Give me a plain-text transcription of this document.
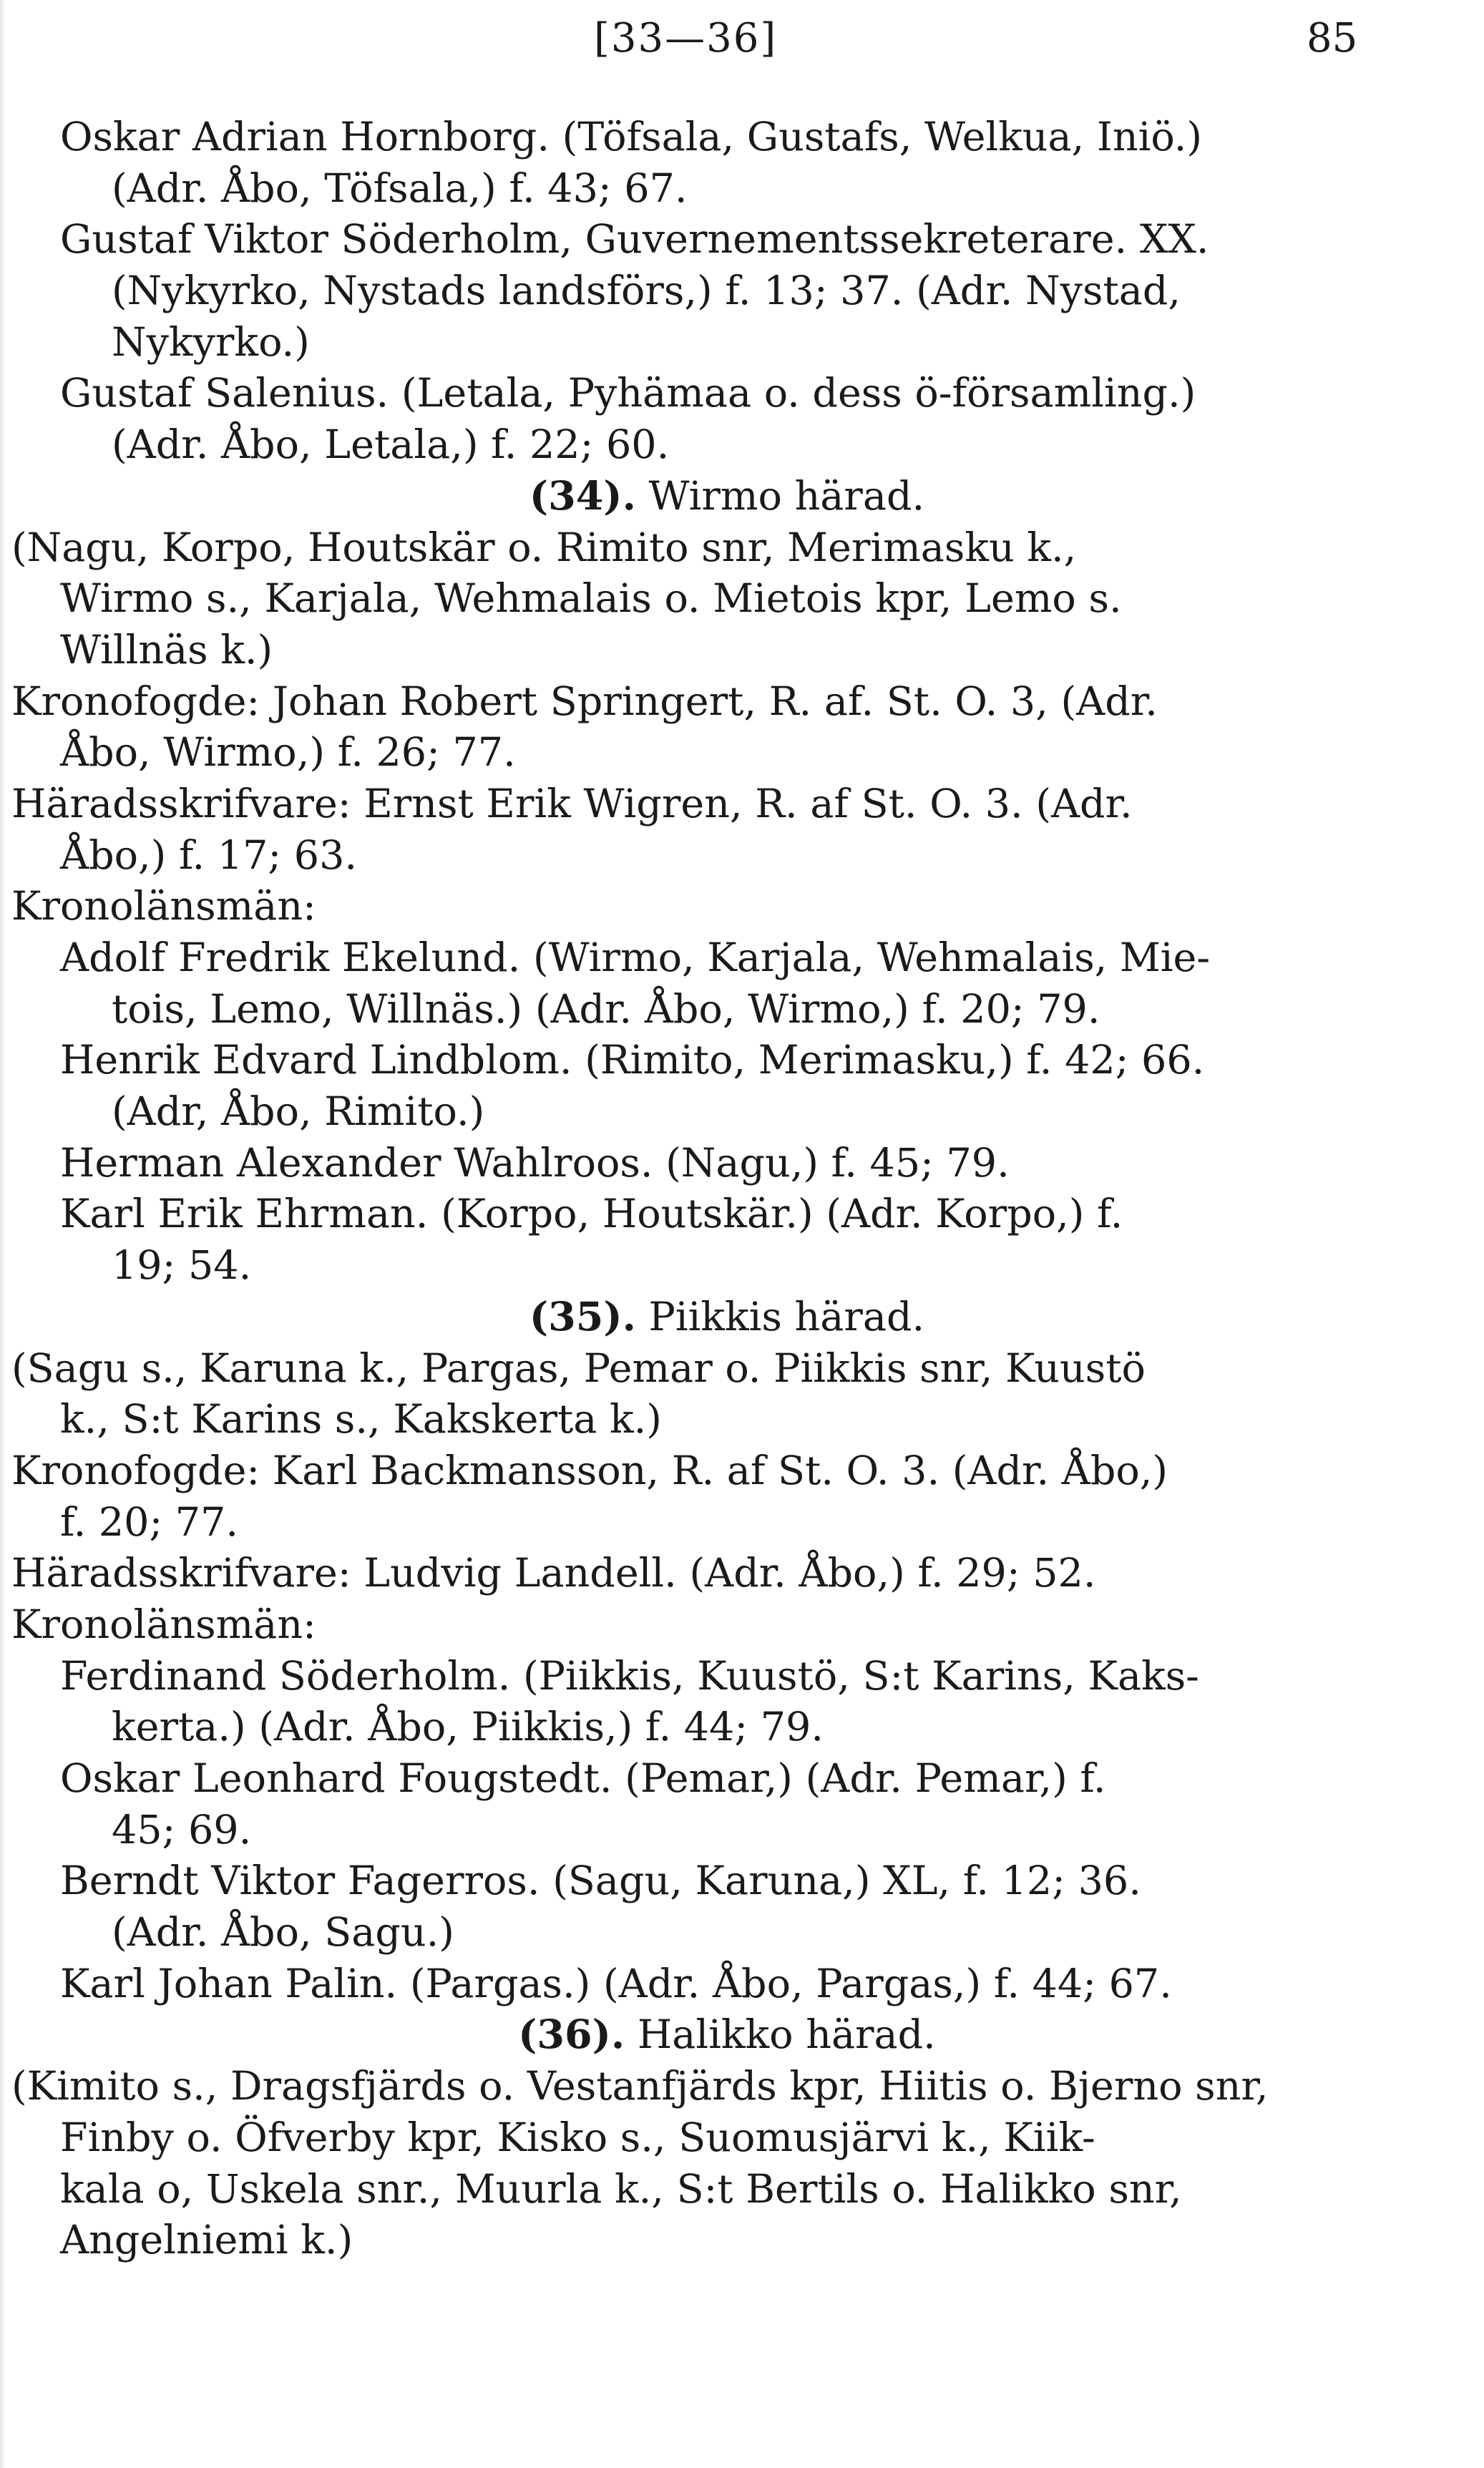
[33—36]	85
Oskar Adrian Hornborg. (Töfsala, Gustafs, Welkua, Iniö.)
(Adr. Åbo, Töfsala,) f. 43; 67.
Gustaf Viktor Söderholm, Guvernementssekreterare. XX.
(Nykyrko, Nystads landsförs,) f. 13; 37. (Adr. Nystad,
Nykyrko.)
Gustaf Salenius. (Letala, Pyhämaa o. dess ö-församling.)
(Adr. Åbo, Letala,) f. 22; 60.
(34). Wirmo härad.
(Nagu, Korpo, Houtskär o. Rimito snr, Merimasku k.,
Wirmo s., Karjala, Wehmalais o. Mietois kpr, Lemo s.
Willnäs k.)
Kronofogde: Johan Robert Springert, R. af. St. O. 3, (Adr.
Åbo, Wirmo,) f. 26; 77.
Häradsskrifvare: Ernst Erik Wigren, R. af St. O. 3. (Adr.
Åbo,) f. 17; 63.
Kronolänsmän:
Adolf Fredrik Ekelund. (Wirmo, Karjala, Wehmalais, Mie-
tois, Lemo, Willnäs.) (Adr. Åbo, Wirmo,) f. 20; 79.
Henrik Edvard Lindblom. (Rimito, Merimasku,) f. 42; 66.
(Adr, Åbo, Rimito.)
Herman Alexander Wahlroos. (Nagu,) f. 45; 79.
Karl Erik Ehrman. (Korpo, Houtskär.) (Adr. Korpo,) f.
19; 54.
(35). Piikkis härad.
(Sagu s., Karuna k., Pargas, Pemar o. Piikkis snr, Kuustö
k., S:t Karins s., Kakskerta k.)
Kronofogde: Karl Backmansson, R. af St. O. 3. (Adr. Åbo,)
f. 20; 77.
Häradsskrifvare: Ludvig Landell. (Adr. Åbo,) f. 29; 52.
Kronolänsmän:
Ferdinand Söderholm. (Piikkis, Kuustö, S:t Karins, Kaks-
kerta.) (Adr. Åbo, Piikkis,) f. 44; 79.
Oskar Leonhard Fougstedt. (Pemar,) (Adr. Pemar,) f.
45; 69.
Berndt Viktor Fagerros. (Sagu, Karuna,) XL, f. 12; 36.
(Adr. Åbo, Sagu.)
Karl Johan Palin. (Pargas.) (Adr. Åbo, Pargas,) f. 44; 67.
(36). Halikko härad.
(Kimito s., Dragsfjärds o. Vestanfjärds kpr, Hiitis o. Bjerno snr,
Finby o. Öfverby kpr, Kisko s., Suomusjärvi k., Kiik-
kala o, Uskela snr., Muurla k., S:t Bertils o. Halikko snr,
Angelniemi k.)
